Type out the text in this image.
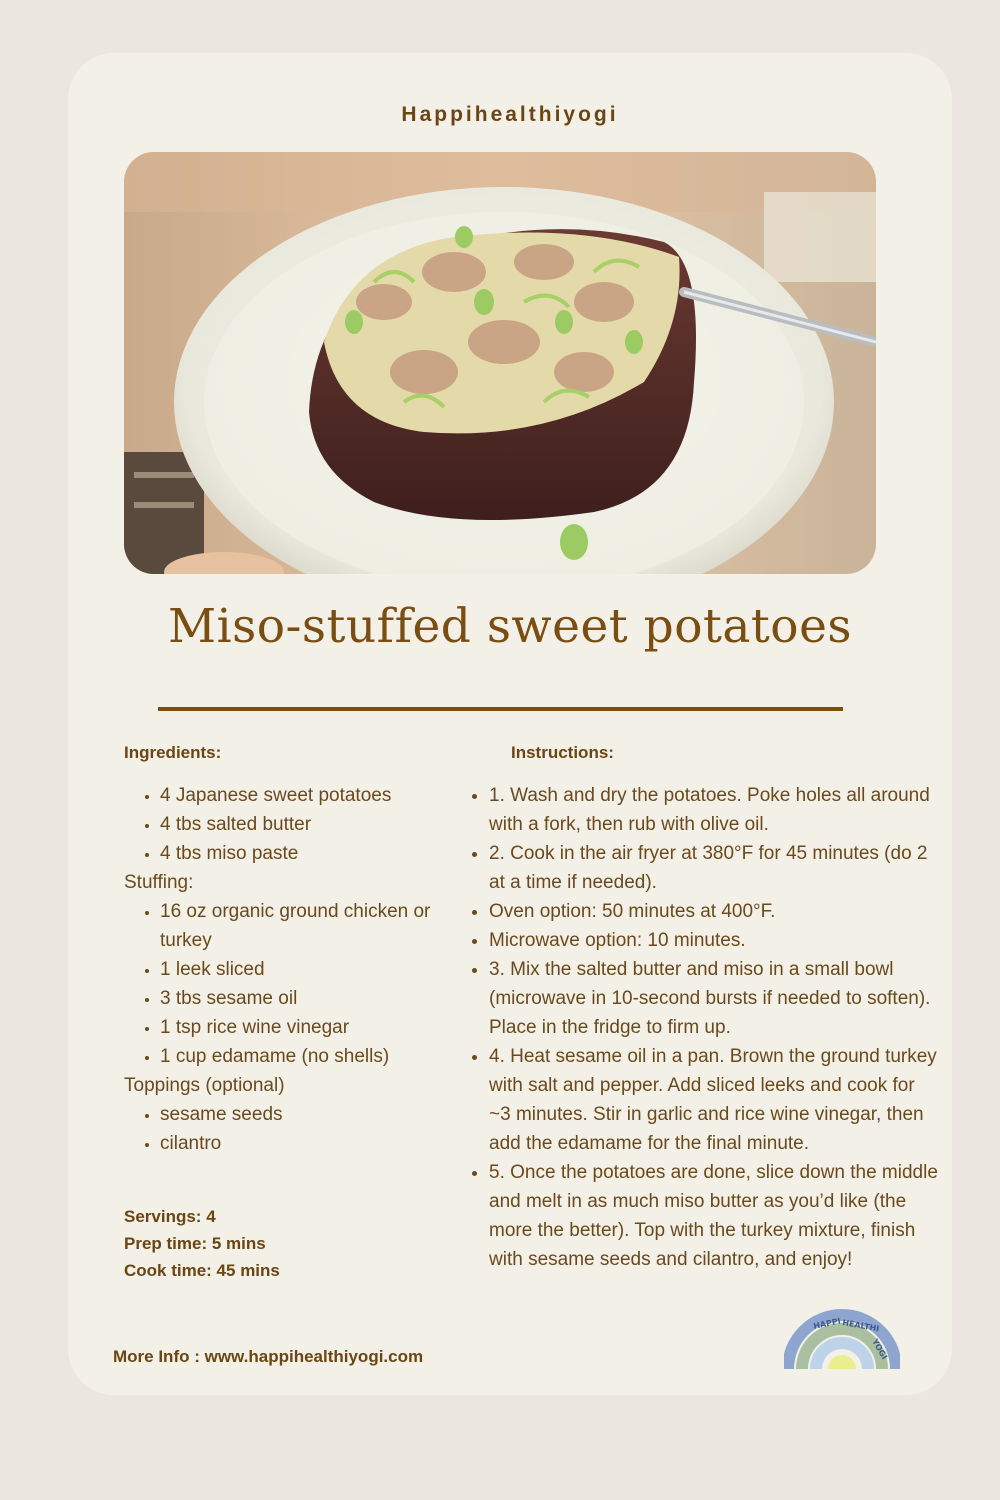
Happihealthiyogi
Miso-stuffed sweet potatoes
Ingredients:	Instructions:
• 4 Japanese sweet potatoes
• 4 tbs salted butter
• 4 tbs miso paste

Stuffing:

• 16 oz organic ground chicken or turkey
• 1 leek sliced
• 3 tbs sesame oil
• 1 tsp rice wine vinegar
• 1 cup edamame (no shells)

Toppings (optional)

• sesame seeds
• cilantro
Servings: 4
Prep time: 5 mins
Cook time: 45 mins
• 1. Wash and dry the potatoes. Poke holes all around with a fork, then rub with olive oil.
• 2. Cook in the air fryer at 380°F for 45 minutes (do 2 at a time if needed).
• Oven option: 50 minutes at 400°F.
• Microwave option: 10 minutes.
• 3. Mix the salted butter and miso in a small bowl (microwave in 10-second bursts if needed to soften). Place in the fridge to firm up.
• 4. Heat sesame oil in a pan. Brown the ground turkey with salt and pepper. Add sliced leeks and cook for ~3 minutes. Stir in garlic and rice wine vinegar, then add the edamame for the final minute.
• 5. Once the potatoes are done, slice down the middle and melt in as much miso butter as you’d like (the more the better). Top with the turkey mixture, finish with sesame seeds and cilantro, and enjoy!
More Info : www.happihealthiyogi.com
HAPPI HEALTHI
YOGI
